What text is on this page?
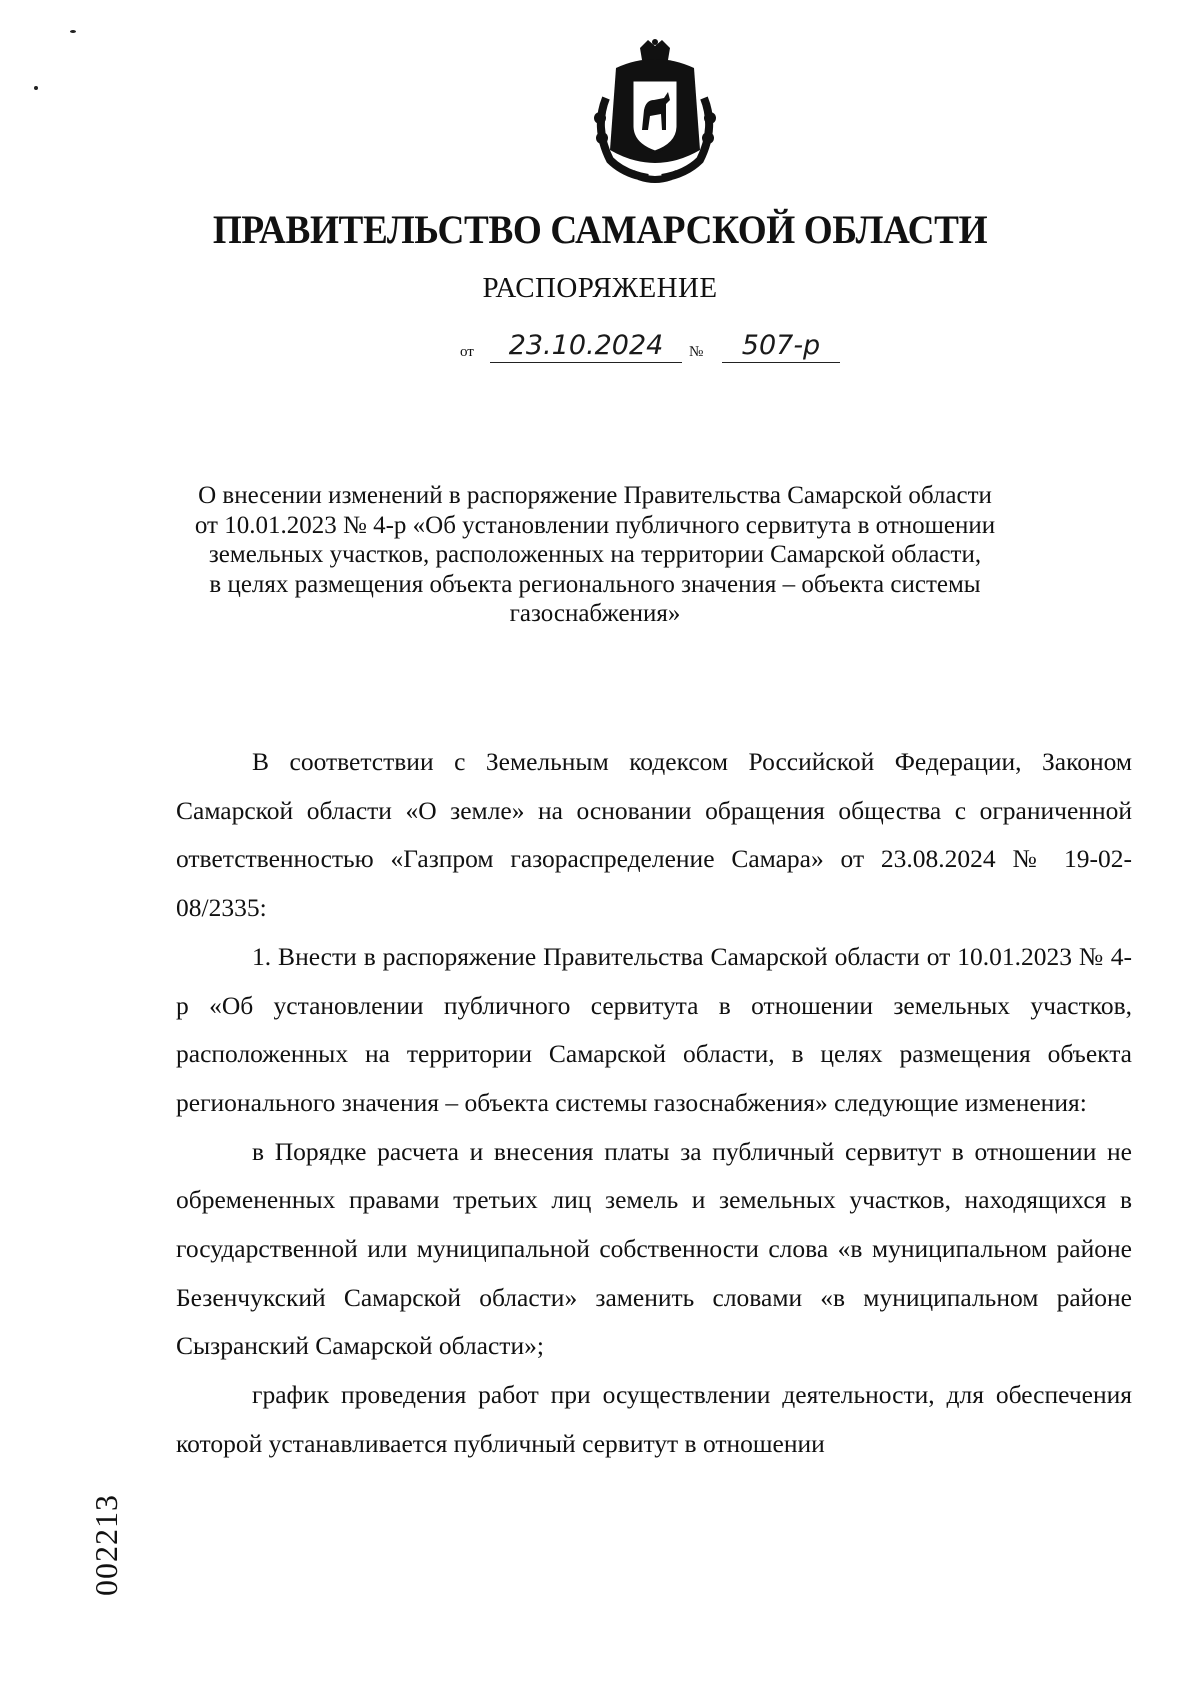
ПРАВИТЕЛЬСТВО САМАРСКОЙ ОБЛАСТИ
РАСПОРЯЖЕНИЕ
от	23.10.2024	№	507-р
О внесении изменений в распоряжение Правительства Самарской области
от 10.01.2023 № 4-р «Об установлении публичного сервитута в отношении
земельных участков, расположенных на территории Самарской области,
в целях размещения объекта регионального значения – объекта системы
газоснабжения»

В соответствии с Земельным кодексом Российской Федерации, Законом Самарской области «О земле» на основании обращения общества с ограниченной ответственностью «Газпром газораспределение Самара» от 23.08.2024 № 19-02-08/2335:

1. Внести в распоряжение Правительства Самарской области от 10.01.2023 № 4-р «Об установлении публичного сервитута в отношении земельных участков, расположенных на территории Самарской области, в целях размещения объекта регионального значения – объекта системы газоснабжения» следующие изменения:

в Порядке расчета и внесения платы за публичный сервитут в отношении не обремененных правами третьих лиц земель и земельных участков, находящихся в государственной или муниципальной собственности слова «в муниципальном районе Безенчукский Самарской области» заменить словами «в муниципальном районе Сызранский Самарской области»;

график проведения работ при осуществлении деятельности, для обеспечения которой устанавливается публичный сервитут в отношении

002213
